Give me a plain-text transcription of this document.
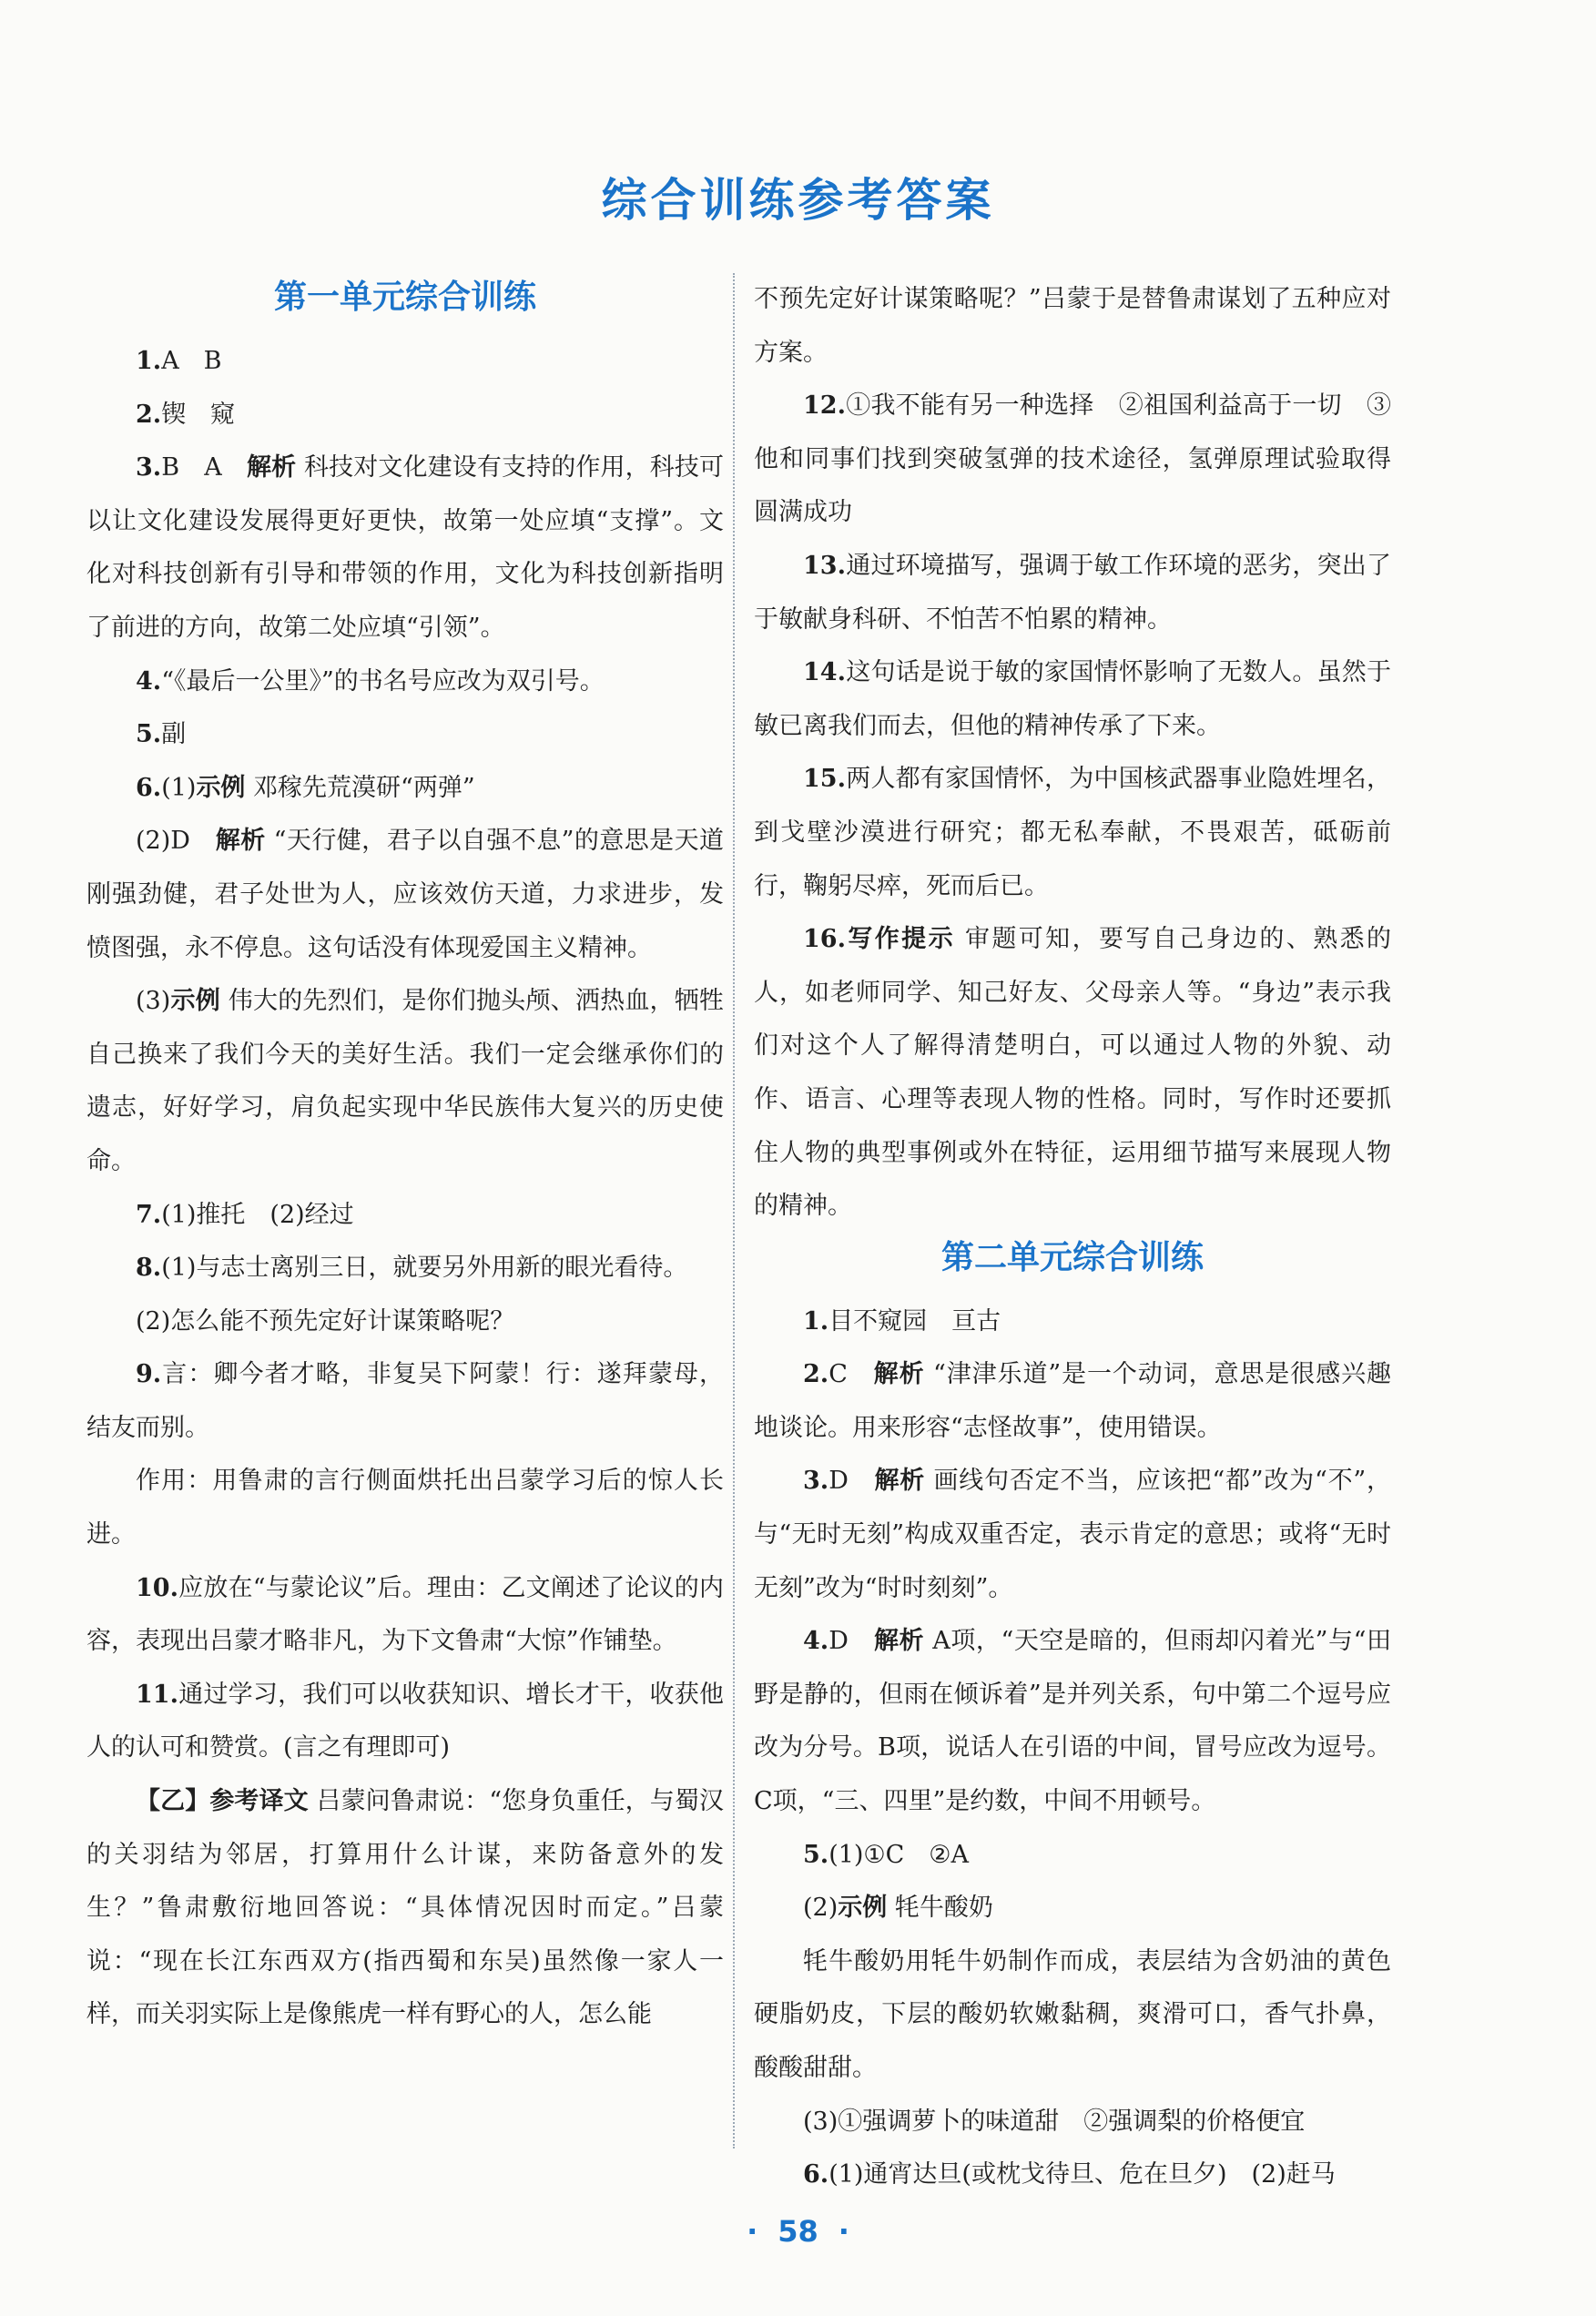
综合训练参考答案
第一单元综合训练

1.A　B

2.锲　窥

3.B　A　解析 科技对文化建设有支持的作用，科技可以让文化建设发展得更好更快，故第一处应填“支撑”。文化对科技创新有引导和带领的作用，文化为科技创新指明了前进的方向，故第二处应填“引领”。

4.“《最后一公里》”的书名号应改为双引号。

5.副

6.(1)示例 邓稼先荒漠研“两弹”

(2)D　解析 “天行健，君子以自强不息”的意思是天道刚强劲健，君子处世为人，应该效仿天道，力求进步，发愤图强，永不停息。这句话没有体现爱国主义精神。

(3)示例 伟大的先烈们，是你们抛头颅、洒热血，牺牲自己换来了我们今天的美好生活。我们一定会继承你们的遗志，好好学习，肩负起实现中华民族伟大复兴的历史使命。

7.(1)推托　(2)经过

8.(1)与志士离别三日，就要另外用新的眼光看待。

(2)怎么能不预先定好计谋策略呢？

9.言：卿今者才略，非复吴下阿蒙！行：遂拜蒙母，结友而别。

作用：用鲁肃的言行侧面烘托出吕蒙学习后的惊人长进。

10.应放在“与蒙论议”后。理由：乙文阐述了论议的内容，表现出吕蒙才略非凡，为下文鲁肃“大惊”作铺垫。

11.通过学习，我们可以收获知识、增长才干，收获他人的认可和赞赏。(言之有理即可)

【乙】参考译文 吕蒙问鲁肃说：“您身负重任，与蜀汉的关羽结为邻居，打算用什么计谋，来防备意外的发生？”鲁肃敷衍地回答说：“具体情况因时而定。”吕蒙说：“现在长江东西双方(指西蜀和东吴)虽然像一家人一样，而关羽实际上是像熊虎一样有野心的人，怎么能

不预先定好计谋策略呢？”吕蒙于是替鲁肃谋划了五种应对方案。

12.①我不能有另一种选择　②祖国利益高于一切　③他和同事们找到突破氢弹的技术途径，氢弹原理试验取得圆满成功

13.通过环境描写，强调于敏工作环境的恶劣，突出了于敏献身科研、不怕苦不怕累的精神。

14.这句话是说于敏的家国情怀影响了无数人。虽然于敏已离我们而去，但他的精神传承了下来。

15.两人都有家国情怀，为中国核武器事业隐姓埋名，到戈壁沙漠进行研究；都无私奉献，不畏艰苦，砥砺前行，鞠躬尽瘁，死而后已。

16.写作提示 审题可知，要写自己身边的、熟悉的人，如老师同学、知己好友、父母亲人等。“身边”表示我们对这个人了解得清楚明白，可以通过人物的外貌、动作、语言、心理等表现人物的性格。同时，写作时还要抓住人物的典型事例或外在特征，运用细节描写来展现人物的精神。

第二单元综合训练

1.目不窥园　亘古

2.C　解析 “津津乐道”是一个动词，意思是很感兴趣地谈论。用来形容“志怪故事”，使用错误。

3.D　解析 画线句否定不当，应该把“都”改为“不”，与“无时无刻”构成双重否定，表示肯定的意思；或将“无时无刻”改为“时时刻刻”。

4.D　解析 A项，“天空是暗的，但雨却闪着光”与“田野是静的，但雨在倾诉着”是并列关系，句中第二个逗号应改为分号。B项，说话人在引语的中间，冒号应改为逗号。C项，“三、四里”是约数，中间不用顿号。

5.(1)①C　②A

(2)示例 牦牛酸奶

牦牛酸奶用牦牛奶制作而成，表层结为含奶油的黄色硬脂奶皮，下层的酸奶软嫩黏稠，爽滑可口，香气扑鼻，酸酸甜甜。

(3)①强调萝卜的味道甜　②强调梨的价格便宜

6.(1)通宵达旦(或枕戈待旦、危在旦夕)　(2)赶马

· 58 ·
